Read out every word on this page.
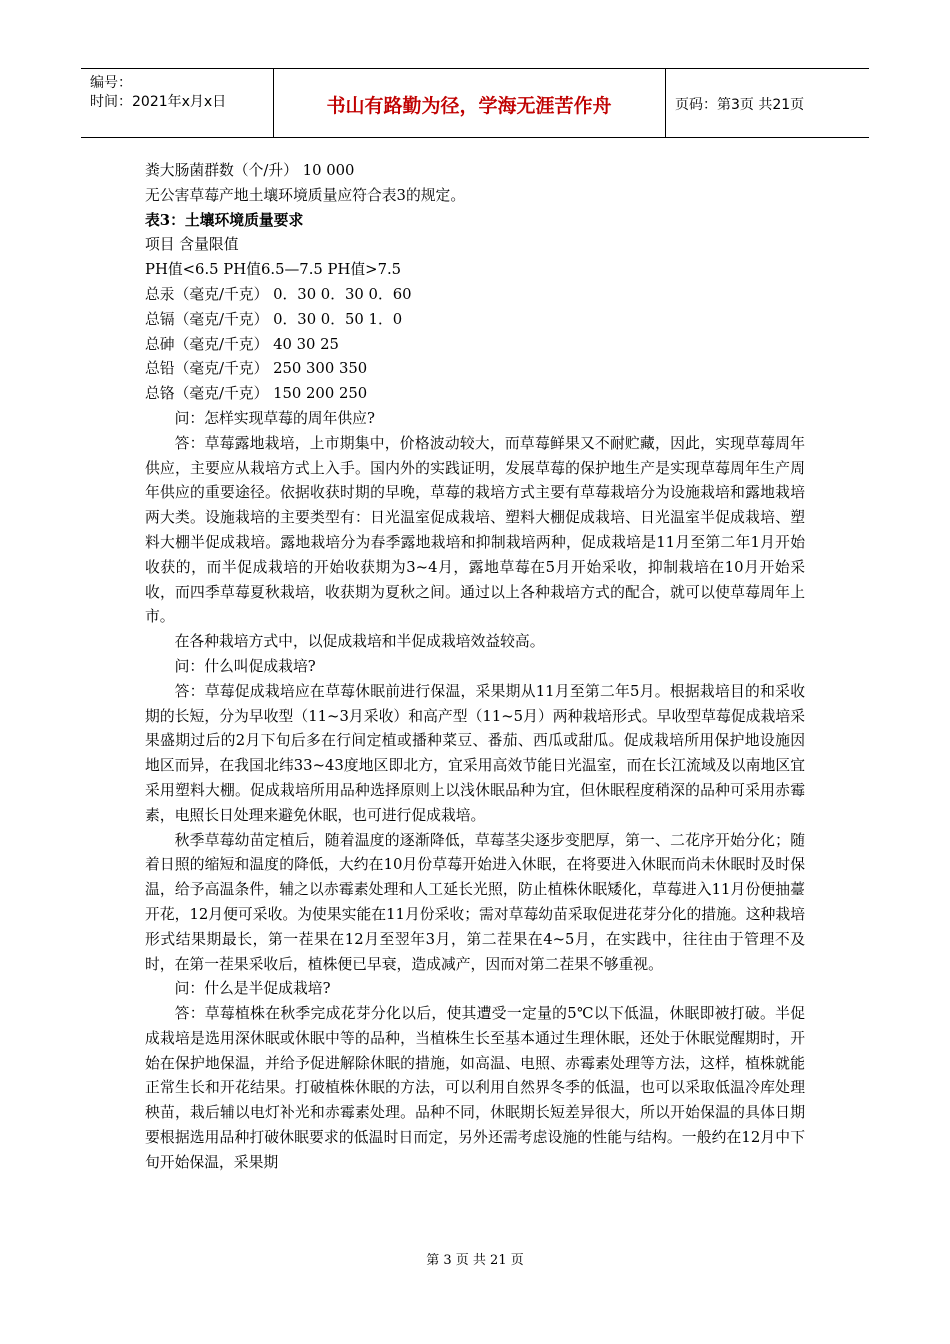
编号：
时间：2021年x月x日	书山有路勤为径，学海无涯苦作舟	页码：第3页 共21页
粪大肠菌群数（个/升） 10 000
无公害草莓产地土壤环境质量应符合表3的规定。
表3：土壤环境质量要求
项目 含量限值
PH值<6.5 PH值6.5—7.5 PH值>7.5
总汞（毫克/千克） 0．30 0．30 0．60
总镉（毫克/千克） 0．30 0．50 1．0
总砷（毫克/千克） 40 30 25
总铅（毫克/千克） 250 300 350
总铬（毫克/千克） 150 200 250
问：怎样实现草莓的周年供应?
答：草莓露地栽培，上市期集中，价格波动较大，而草莓鲜果又不耐贮藏，因此，实现草莓周年供应，主要应从栽培方式上入手。国内外的实践证明，发展草莓的保护地生产是实现草莓周年生产周年供应的重要途径。依据收获时期的早晚，草莓的栽培方式主要有草莓栽培分为设施栽培和露地栽培两大类。设施栽培的主要类型有：日光温室促成栽培、塑料大棚促成栽培、日光温室半促成栽培、塑料大棚半促成栽培。露地栽培分为春季露地栽培和抑制栽培两种，促成栽培是11月至第二年1月开始收获的，而半促成栽培的开始收获期为3~4月，露地草莓在5月开始采收，抑制栽培在10月开始采收，而四季草莓夏秋栽培，收获期为夏秋之间。通过以上各种栽培方式的配合，就可以使草莓周年上市。
在各种栽培方式中，以促成栽培和半促成栽培效益较高。
问：什么叫促成栽培?
答：草莓促成栽培应在草莓休眠前进行保温，采果期从11月至第二年5月。根据栽培目的和采收期的长短，分为早收型（11~3月采收）和高产型（11~5月）两种栽培形式。早收型草莓促成栽培采果盛期过后的2月下旬后多在行间定植或播种菜豆、番茄、西瓜或甜瓜。促成栽培所用保护地设施因地区而异，在我国北纬33~43度地区即北方，宜采用高效节能日光温室，而在长江流域及以南地区宜采用塑料大棚。促成栽培所用品种选择原则上以浅休眠品种为宜，但休眠程度稍深的品种可采用赤霉素，电照长日处理来避免休眠，也可进行促成栽培。
秋季草莓幼苗定植后，随着温度的逐渐降低，草莓茎尖逐步变肥厚，第一、二花序开始分化；随着日照的缩短和温度的降低，大约在10月份草莓开始进入休眠，在将要进入休眠而尚未休眠时及时保温，给予高温条件，辅之以赤霉素处理和人工延长光照，防止植株休眠矮化，草莓进入11月份便抽薹开花，12月便可采收。为使果实能在11月份采收；需对草莓幼苗采取促进花芽分化的措施。这种栽培形式结果期最长，第一茬果在12月至翌年3月，第二茬果在4~5月，在实践中，往往由于管理不及时，在第一茬果采收后，植株便已早衰，造成减产，因而对第二茬果不够重视。
问：什么是半促成栽培?
答：草莓植株在秋季完成花芽分化以后，使其遭受一定量的5℃以下低温，休眠即被打破。半促成栽培是选用深休眠或休眠中等的品种，当植株生长至基本通过生理休眠，还处于休眠觉醒期时，开始在保护地保温，并给予促进解除休眠的措施，如高温、电照、赤霉素处理等方法，这样，植株就能正常生长和开花结果。打破植株休眠的方法，可以利用自然界冬季的低温，也可以采取低温冷库处理秧苗，栽后辅以电灯补光和赤霉素处理。品种不同，休眠期长短差异很大，所以开始保温的具体日期要根据选用品种打破休眠要求的低温时日而定，另外还需考虑设施的性能与结构。一般约在12月中下旬开始保温，采果期
第 3 页 共 21 页
